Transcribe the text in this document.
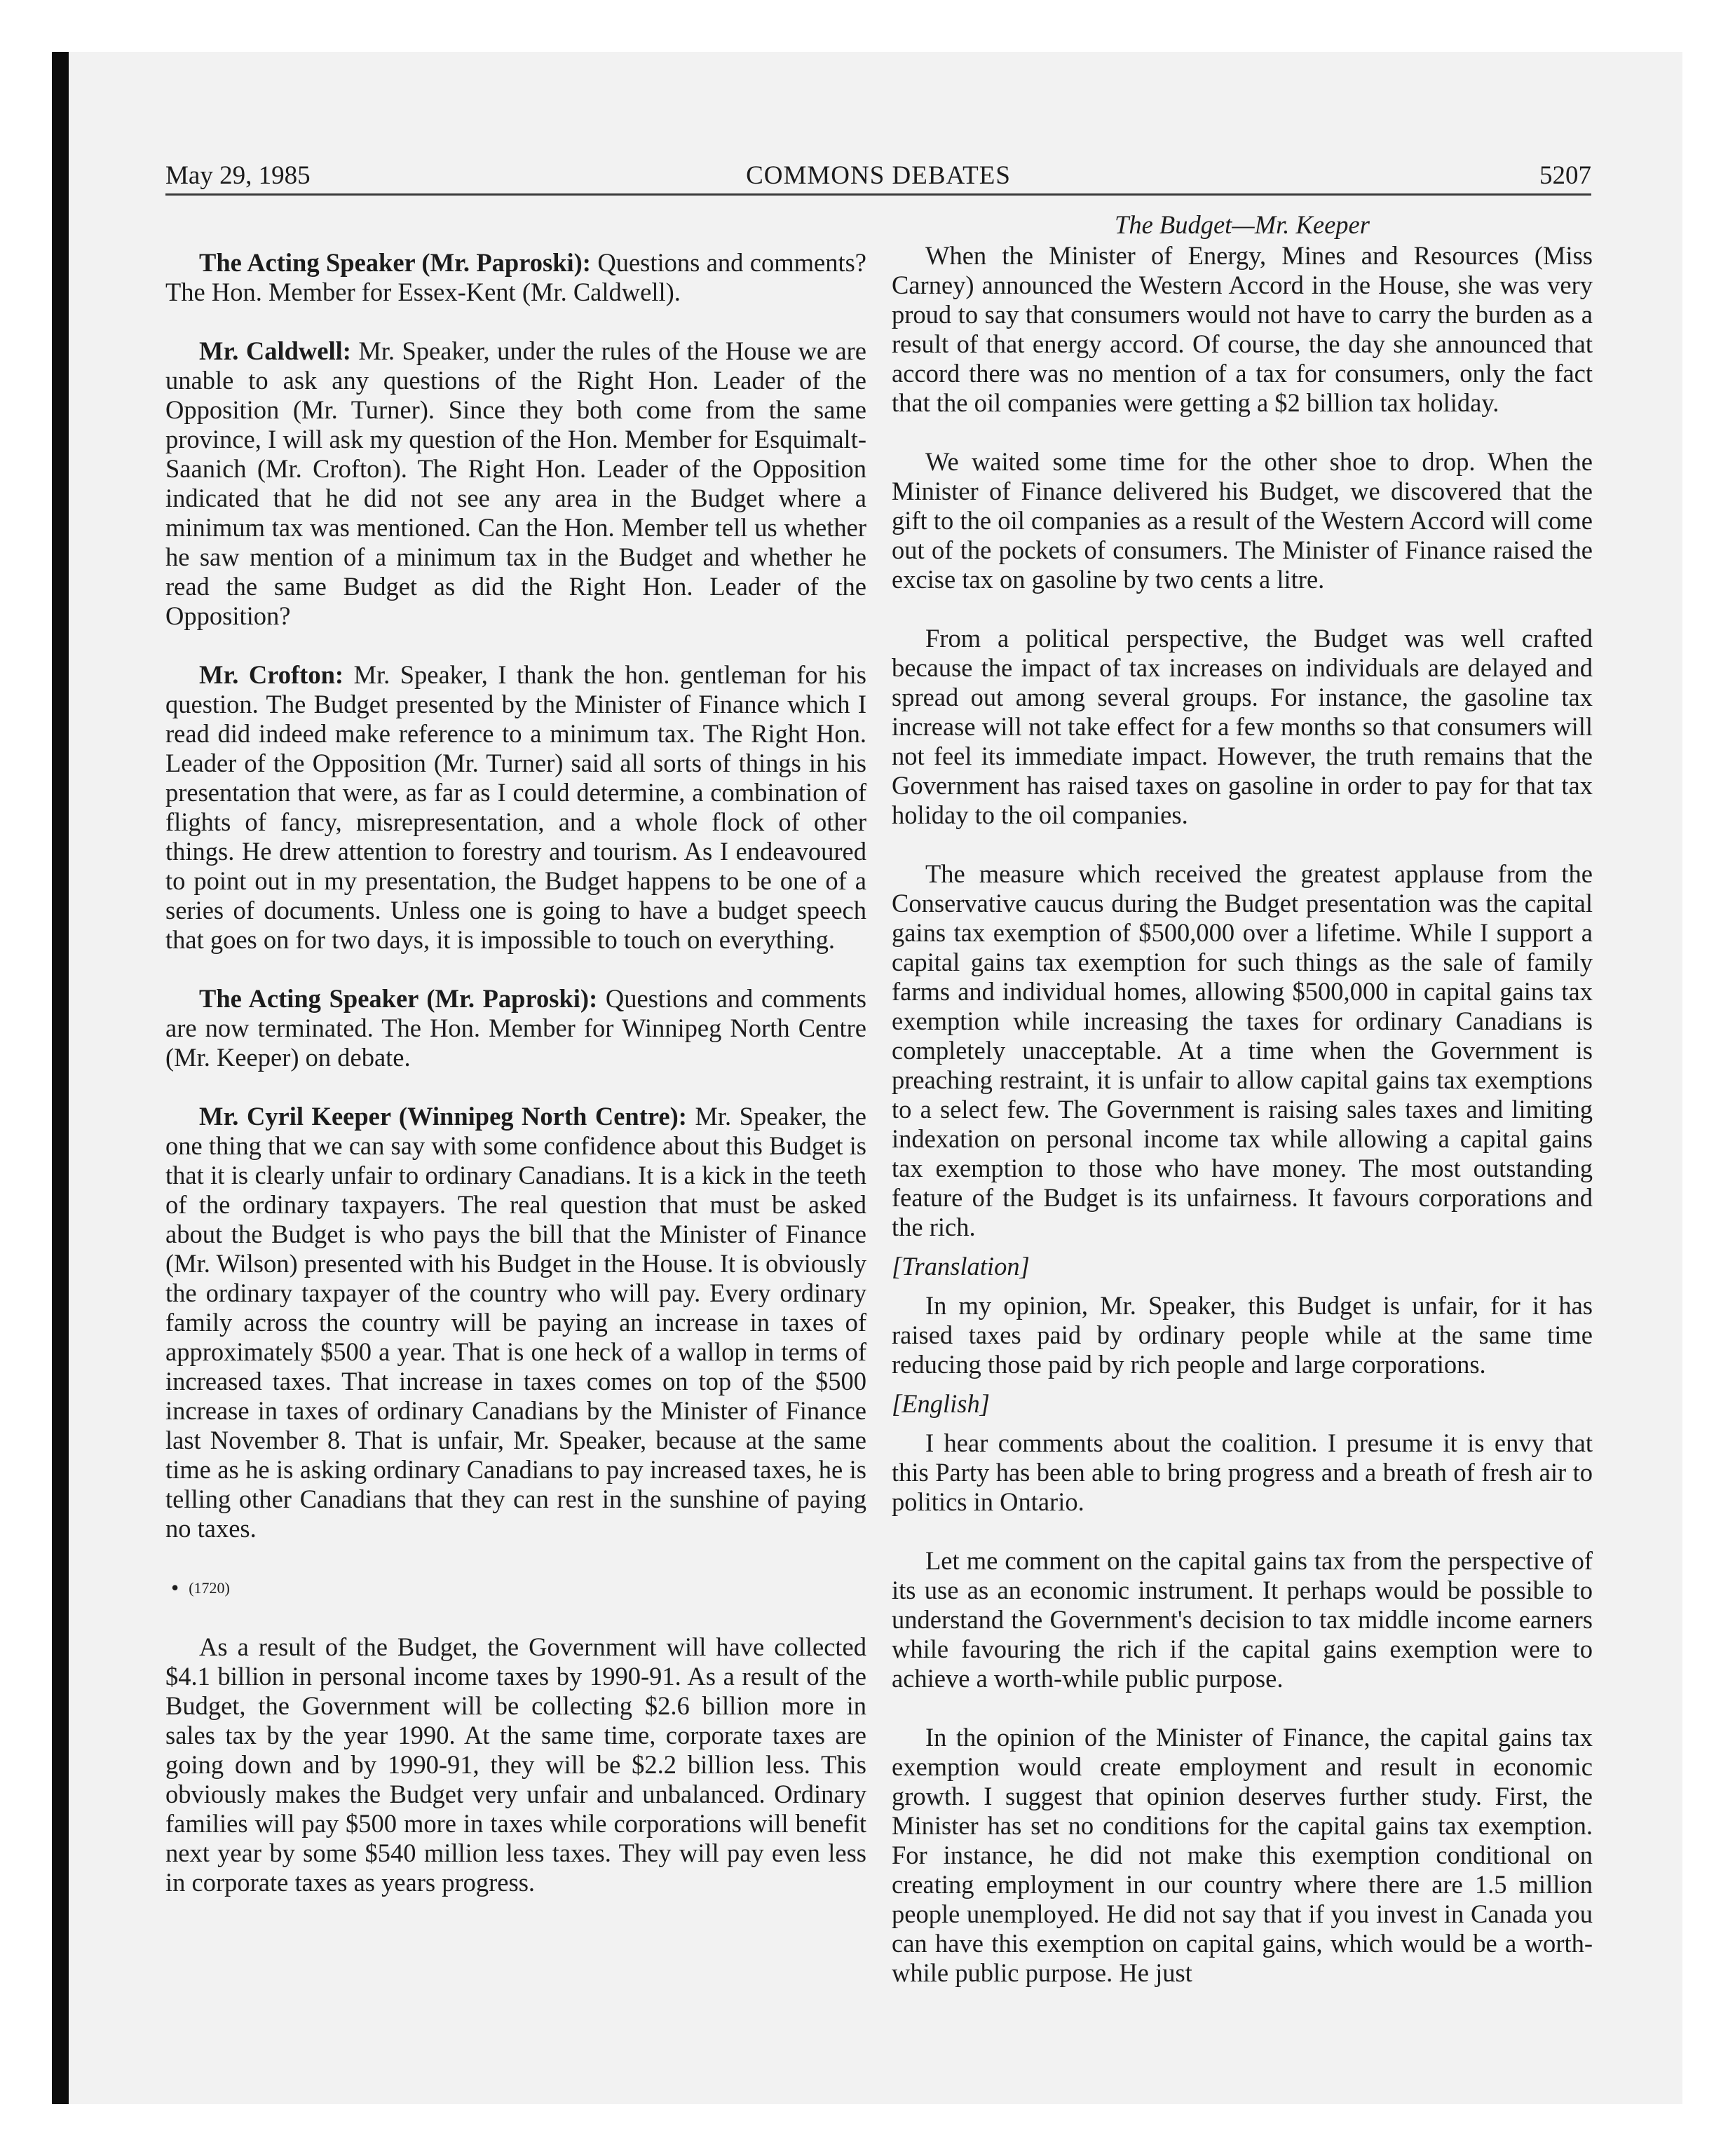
May 29, 1985	COMMONS DEBATES	5207

The Acting Speaker (Mr. Paproski): Questions and comments? The Hon. Member for Essex-Kent (Mr. Caldwell).

Mr. Caldwell: Mr. Speaker, under the rules of the House we are unable to ask any questions of the Right Hon. Leader of the Opposition (Mr. Turner). Since they both come from the same province, I will ask my question of the Hon. Member for Esquimalt-Saanich (Mr. Crofton). The Right Hon. Leader of the Opposition indicated that he did not see any area in the Budget where a minimum tax was mentioned. Can the Hon. Member tell us whether he saw mention of a minimum tax in the Budget and whether he read the same Budget as did the Right Hon. Leader of the Opposition?

Mr. Crofton: Mr. Speaker, I thank the hon. gentleman for his question. The Budget presented by the Minister of Finance which I read did indeed make reference to a minimum tax. The Right Hon. Leader of the Opposition (Mr. Turner) said all sorts of things in his presentation that were, as far as I could determine, a combination of flights of fancy, misrepresentation, and a whole flock of other things. He drew attention to forestry and tourism. As I endeavoured to point out in my presentation, the Budget happens to be one of a series of documents. Unless one is going to have a budget speech that goes on for two days, it is impossible to touch on everything.

The Acting Speaker (Mr. Paproski): Questions and comments are now terminated. The Hon. Member for Winnipeg North Centre (Mr. Keeper) on debate.

Mr. Cyril Keeper (Winnipeg North Centre): Mr. Speaker, the one thing that we can say with some confidence about this Budget is that it is clearly unfair to ordinary Canadians. It is a kick in the teeth of the ordinary taxpayers. The real question that must be asked about the Budget is who pays the bill that the Minister of Finance (Mr. Wilson) presented with his Budget in the House. It is obviously the ordinary taxpayer of the country who will pay. Every ordinary family across the country will be paying an increase in taxes of approximately $500 a year. That is one heck of a wallop in terms of increased taxes. That increase in taxes comes on top of the $500 increase in taxes of ordinary Canadians by the Minister of Finance last November 8. That is unfair, Mr. Speaker, because at the same time as he is asking ordinary Canadians to pay increased taxes, he is telling other Canadians that they can rest in the sunshine of paying no taxes.

• (1720)

As a result of the Budget, the Government will have collected $4.1 billion in personal income taxes by 1990-91. As a result of the Budget, the Government will be collecting $2.6 billion more in sales tax by the year 1990. At the same time, corporate taxes are going down and by 1990-91, they will be $2.2 billion less. This obviously makes the Budget very unfair and unbalanced. Ordinary families will pay $500 more in taxes while corporations will benefit next year by some $540 million less taxes. They will pay even less in corporate taxes as years progress.

The Budget—Mr. Keeper

When the Minister of Energy, Mines and Resources (Miss Carney) announced the Western Accord in the House, she was very proud to say that consumers would not have to carry the burden as a result of that energy accord. Of course, the day she announced that accord there was no mention of a tax for consumers, only the fact that the oil companies were getting a $2 billion tax holiday.

We waited some time for the other shoe to drop. When the Minister of Finance delivered his Budget, we discovered that the gift to the oil companies as a result of the Western Accord will come out of the pockets of consumers. The Minister of Finance raised the excise tax on gasoline by two cents a litre.

From a political perspective, the Budget was well crafted because the impact of tax increases on individuals are delayed and spread out among several groups. For instance, the gasoline tax increase will not take effect for a few months so that consumers will not feel its immediate impact. However, the truth remains that the Government has raised taxes on gasoline in order to pay for that tax holiday to the oil companies.

The measure which received the greatest applause from the Conservative caucus during the Budget presentation was the capital gains tax exemption of $500,000 over a lifetime. While I support a capital gains tax exemption for such things as the sale of family farms and individual homes, allowing $500,000 in capital gains tax exemption while increasing the taxes for ordinary Canadians is completely unacceptable. At a time when the Government is preaching restraint, it is unfair to allow capital gains tax exemptions to a select few. The Government is raising sales taxes and limiting indexation on personal income tax while allowing a capital gains tax exemption to those who have money. The most outstanding feature of the Budget is its unfairness. It favours corporations and the rich.

[Translation]

In my opinion, Mr. Speaker, this Budget is unfair, for it has raised taxes paid by ordinary people while at the same time reducing those paid by rich people and large corporations.

[English]

I hear comments about the coalition. I presume it is envy that this Party has been able to bring progress and a breath of fresh air to politics in Ontario.

Let me comment on the capital gains tax from the perspective of its use as an economic instrument. It perhaps would be possible to understand the Government's decision to tax middle income earners while favouring the rich if the capital gains exemption were to achieve a worth-while public purpose.

In the opinion of the Minister of Finance, the capital gains tax exemption would create employment and result in economic growth. I suggest that opinion deserves further study. First, the Minister has set no conditions for the capital gains tax exemption. For instance, he did not make this exemption conditional on creating employment in our country where there are 1.5 million people unemployed. He did not say that if you invest in Canada you can have this exemption on capital gains, which would be a worth-while public purpose. He just
